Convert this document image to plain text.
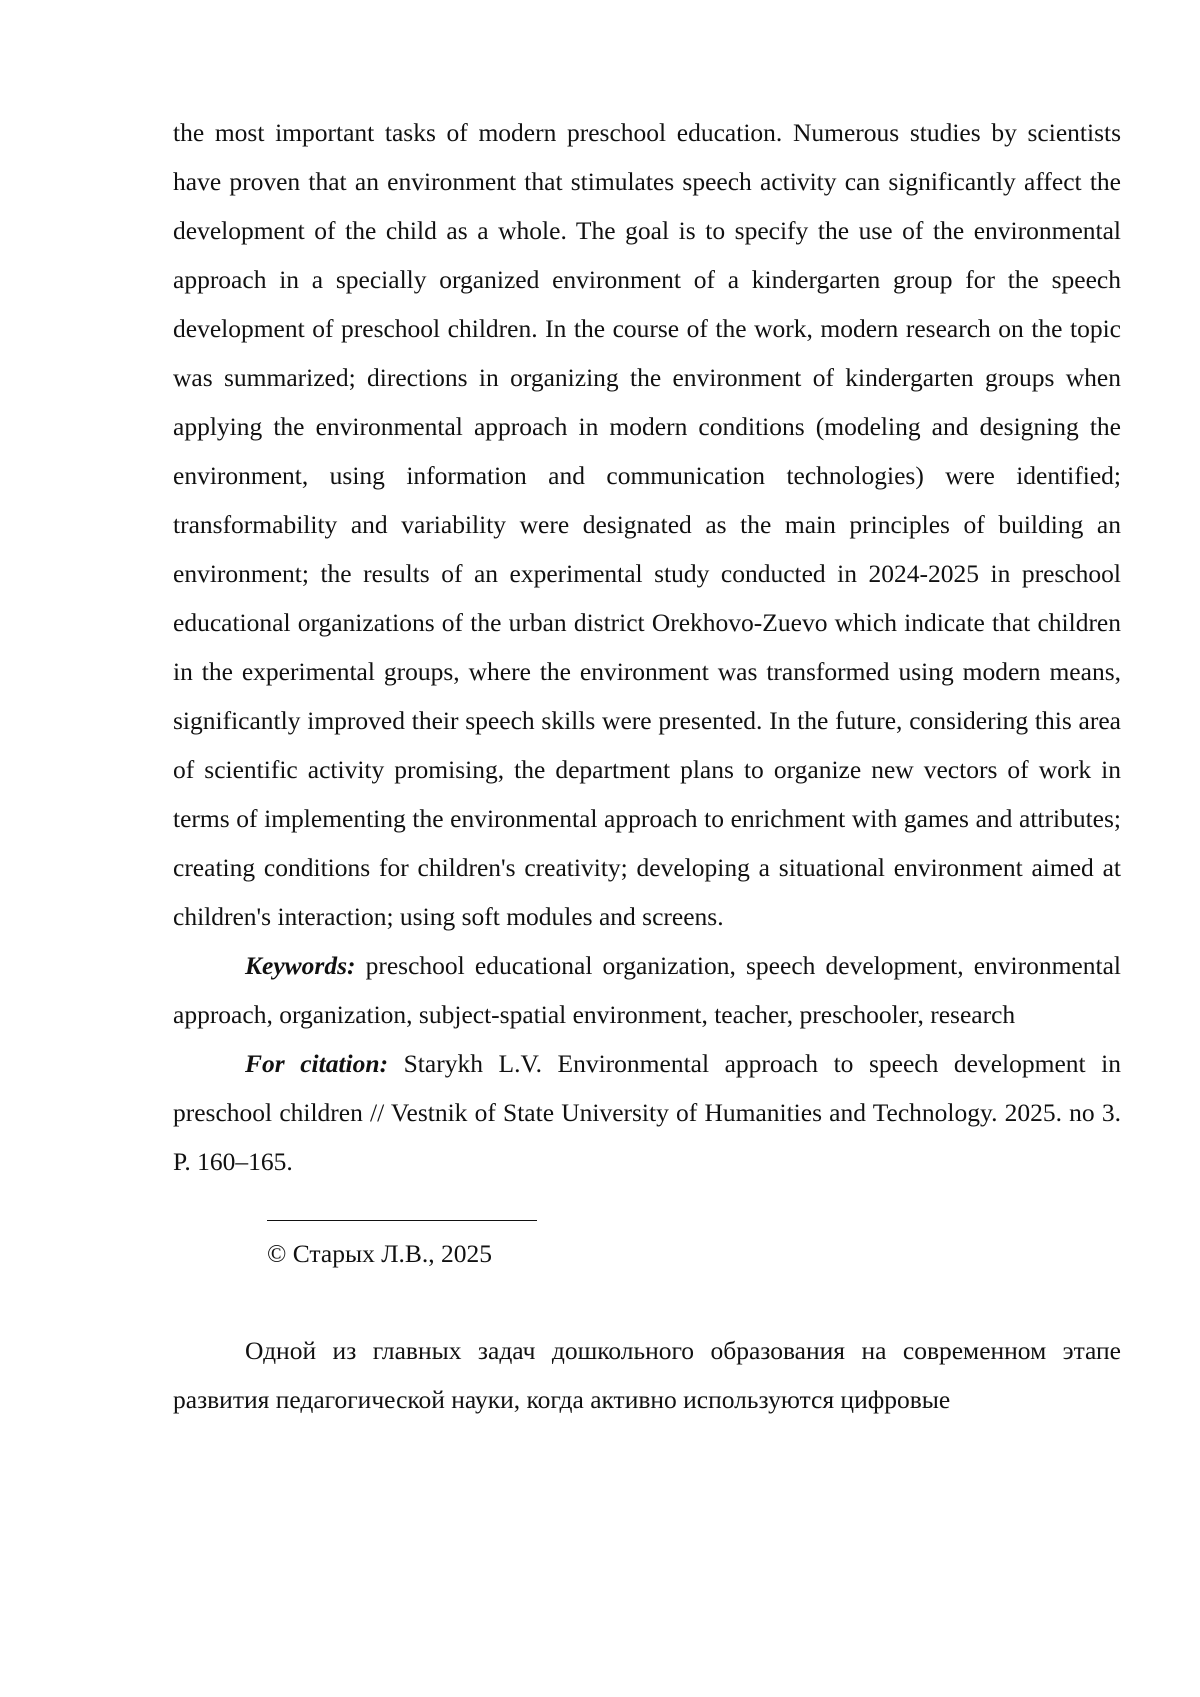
the most important tasks of modern preschool education. Numerous studies by scientists have proven that an environment that stimulates speech activity can significantly affect the development of the child as a whole. The goal is to specify the use of the environmental approach in a specially organized environment of a kindergarten group for the speech development of preschool children. In the course of the work, modern research on the topic was summarized; directions in organizing the environment of kindergarten groups when applying the environmental approach in modern conditions (modeling and designing the environment, using information and communication technologies) were identified; transformability and variability were designated as the main principles of building an environment; the results of an experimental study conducted in 2024-2025 in preschool educational organizations of the urban district Orekhovo-Zuevo which indicate that children in the experimental groups, where the environment was transformed using modern means, significantly improved their speech skills were presented. In the future, considering this area of scientific activity promising, the department plans to organize new vectors of work in terms of implementing the environmental approach to enrichment with games and attributes; creating conditions for children's creativity; developing a situational environment aimed at children's interaction; using soft modules and screens.

Keywords: preschool educational organization, speech development, environmental approach, organization, subject-spatial environment, teacher, preschooler, research

For citation: Starykh L.V. Environmental approach to speech development in preschool children // Vestnik of State University of Humanities and Technology. 2025. no 3. P. 160–165.

© Старых Л.В., 2025

Одной из главных задач дошкольного образования на современном этапе развития педагогической науки, когда активно используются цифровые
